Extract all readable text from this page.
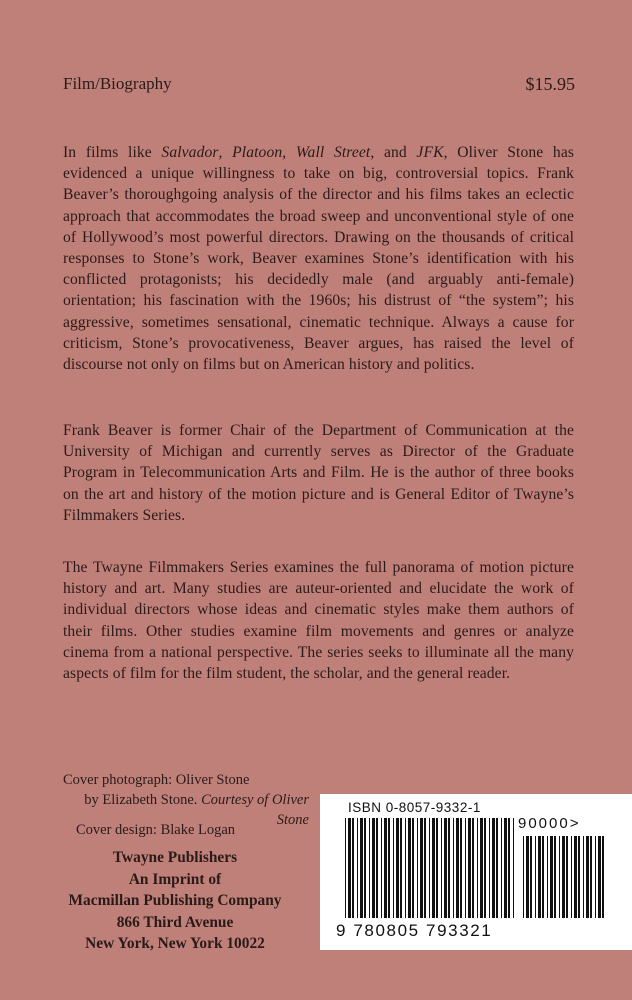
Film/Biography	$15.95
In films like Salvador, Platoon, Wall Street, and JFK, Oliver Stone has evidenced a unique willingness to take on big, controversial topics. Frank Beaver’s thoroughgoing analysis of the director and his films takes an eclectic approach that accommodates the broad sweep and unconventional style of one of Hollywood’s most powerful directors. Drawing on the thousands of critical responses to Stone’s work, Beaver examines Stone’s identification with his conflicted protagonists; his decidedly male (and arguably anti-female) orientation; his fascination with the 1960s; his distrust of “the system”; his aggressive, sometimes sensational, cinematic technique. Always a cause for criticism, Stone’s provocativeness, Beaver argues, has raised the level of discourse not only on films but on American history and politics.
Frank Beaver is former Chair of the Department of Communication at the University of Michigan and currently serves as Director of the Graduate Program in Telecommunication Arts and Film. He is the author of three books on the art and history of the motion picture and is General Editor of Twayne’s Filmmakers Series.
The Twayne Filmmakers Series examines the full panorama of motion picture history and art. Many studies are auteur-oriented and elucidate the work of individual directors whose ideas and cinematic styles make them authors of their films. Other studies examine film movements and genres or analyze cinema from a national perspective. The series seeks to illuminate all the many aspects of film for the film student, the scholar, and the general reader.
Cover photograph: Oliver Stone
by Elizabeth Stone. Courtesy of Oliver Stone
Cover design: Blake Logan
Twayne Publishers
An Imprint of
Macmillan Publishing Company
866 Third Avenue
New York, New York 10022
ISBN 0-8057-9332-1
90000>
9 780805 793321
